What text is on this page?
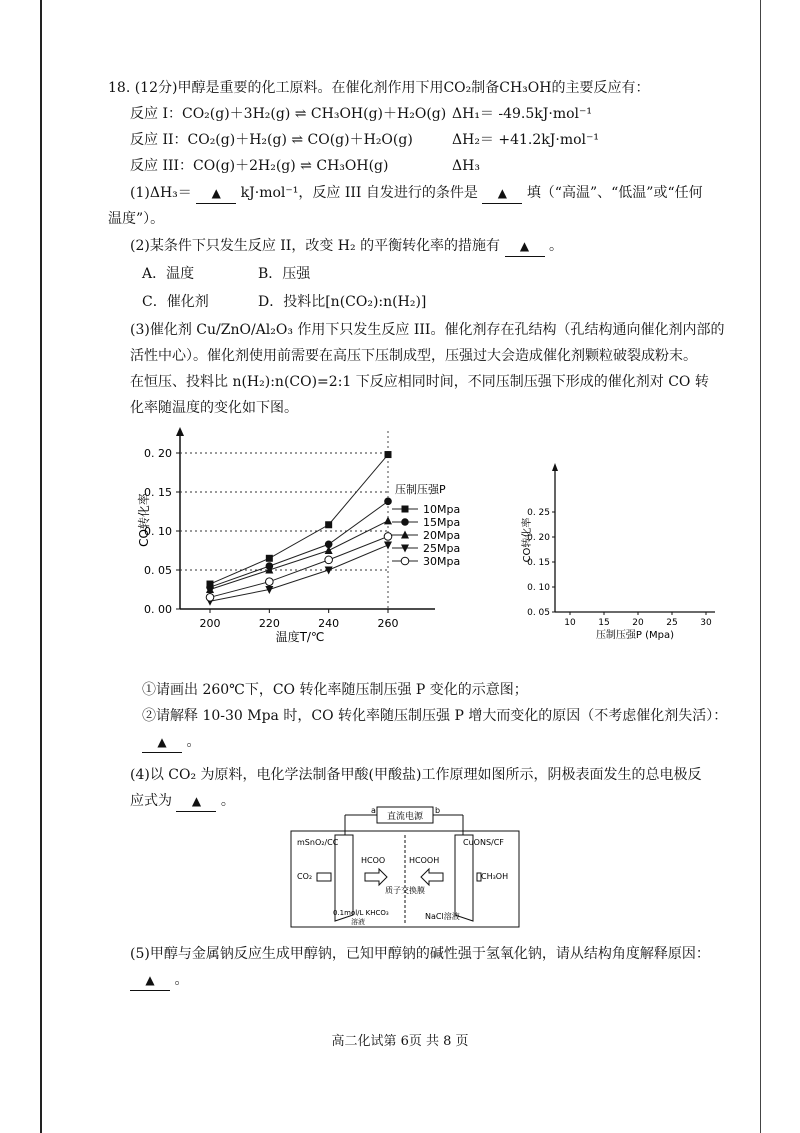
18. (12分)甲醇是重要的化工原料。在催化剂作用下用CO₂制备CH₃OH的主要反应有：
反应 I：CO₂(g)＋3H₂(g) ⇌ CH₃OH(g)＋H₂O(g) ΔH₁＝ -49.5kJ·mol⁻¹
反应 II：CO₂(g)＋H₂(g) ⇌ CO(g)＋H₂O(g)	ΔH₂＝ +41.2kJ·mol⁻¹
反应 III：CO(g)＋2H₂(g) ⇌ CH₃OH(g)	ΔH₃
(1)ΔH₃＝ ▲ kJ·mol⁻¹，反应 III 自发进行的条件是 ▲ 填（“高温”、“低温”或“任何
温度”）。
(2)某条件下只发生反应 II，改变 H₂ 的平衡转化率的措施有 ▲ 。
A．温度	B．压强
C．催化剂	D．投料比[n(CO₂):n(H₂)]
(3)催化剂 Cu/ZnO/Al₂O₃ 作用下只发生反应 III。催化剂存在孔结构（孔结构通向催化剂内部的
活性中心）。催化剂使用前需要在高压下压制成型，压强过大会造成催化剂颗粒破裂成粉末。
在恒压、投料比 n(H₂):n(CO)=2:1 下反应相同时间，不同压制压强下形成的催化剂对 CO 转
化率随温度的变化如下图。
CO转化率
温度T/℃
压制压强P
0. 00
0. 05
0. 10
0. 15
0. 20
200	220	240	260
10Mpa
15Mpa
20Mpa
25Mpa
30Mpa	CO转化率
压制压强P (Mpa)
0. 05
0. 10
0. 15
0. 20
0. 25
10	15	20	25	30
①请画出 260℃下，CO 转化率随压制压强 P 变化的示意图；
②请解释 10-30 Mpa 时，CO 转化率随压制压强 P 增大而变化的原因（不考虑催化剂失活）：
▲ 。
(4)以 CO₂ 为原料，电化学法制备甲酸(甲酸盐)工作原理如图所示，阴极表面发生的总电极反
应式为 ▲ 。
直流电源
a	b
mSnO₂/CC	CuONS/CF
HCOO	HCOOH
质子交换膜
CO₂	CH₃OH
0.1mol/L KHCO₃
溶液
NaCl溶液
(5)甲醇与金属钠反应生成甲醇钠，已知甲醇钠的碱性强于氢氧化钠，请从结构角度解释原因：
▲ 。
高二化试第 6页 共 8 页
